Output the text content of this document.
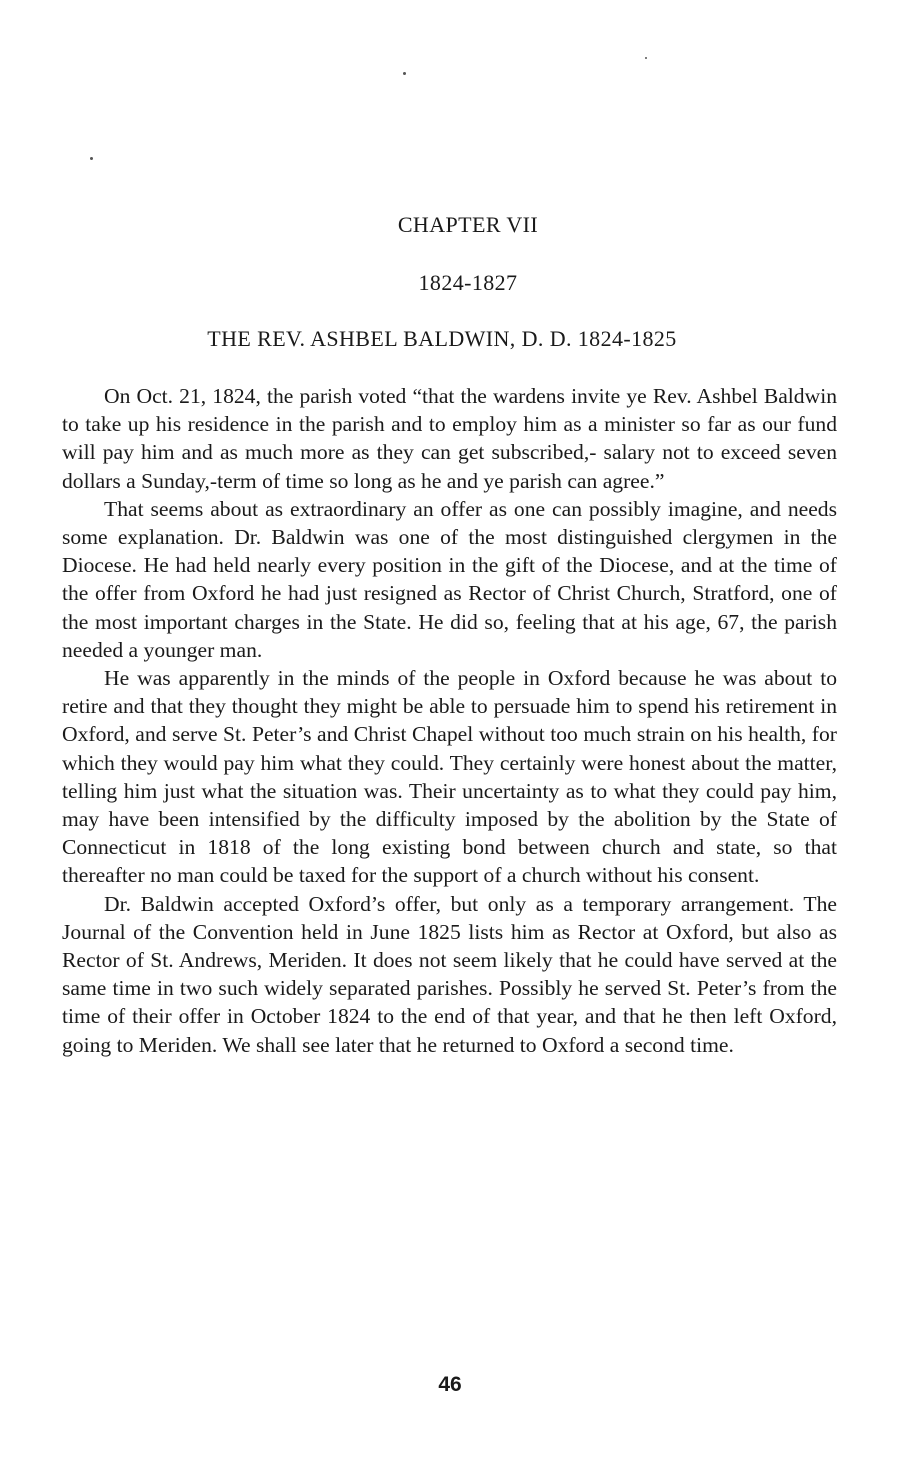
CHAPTER VII
1824-1827
THE REV. ASHBEL BALDWIN, D. D. 1824-1825

On Oct. 21, 1824, the parish voted “that the wardens invite ye Rev. Ashbel Baldwin to take up his residence in the parish and to employ him as a minister so far as our fund will pay him and as much more as they can get subscribed,- salary not to exceed seven dollars a Sunday,-term of time so long as he and ye parish can agree.”

That seems about as extraordinary an offer as one can possibly imagine, and needs some explanation. Dr. Baldwin was one of the most distinguished clergymen in the Diocese. He had held nearly every position in the gift of the Diocese, and at the time of the offer from Oxford he had just resigned as Rector of Christ Church, Stratford, one of the most important charges in the State. He did so, feeling that at his age, 67, the parish needed a younger man.

He was apparently in the minds of the people in Oxford because he was about to retire and that they thought they might be able to persuade him to spend his retirement in Oxford, and serve St. Peter’s and Christ Chapel without too much strain on his health, for which they would pay him what they could. They certainly were honest about the matter, telling him just what the situation was. Their uncertainty as to what they could pay him, may have been intensified by the difficulty imposed by the abolition by the State of Connecticut in 1818 of the long existing bond between church and state, so that thereafter no man could be taxed for the support of a church without his consent.

Dr. Baldwin accepted Oxford’s offer, but only as a temporary arrangement. The Journal of the Convention held in June 1825 lists him as Rector at Oxford, but also as Rector of St. Andrews, Meriden. It does not seem likely that he could have served at the same time in two such widely separated parishes. Possibly he served St. Peter’s from the time of their offer in October 1824 to the end of that year, and that he then left Oxford, going to Meriden. We shall see later that he returned to Oxford a second time.

46
